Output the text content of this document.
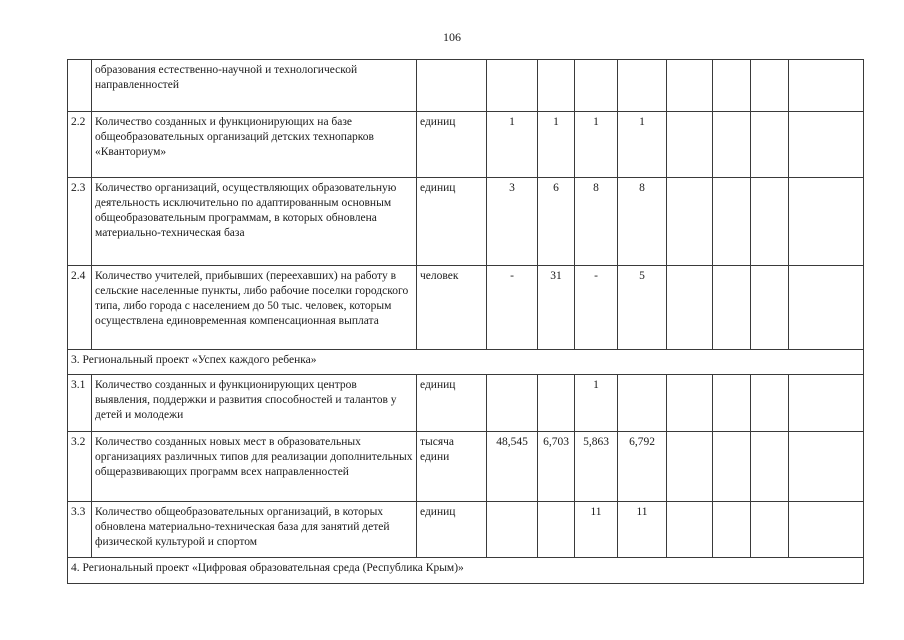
106
	образования естественно-научной и технологической направленностей									
2.2	Количество созданных и функционирующих на базе общеобразовательных организаций детских технопарков «Кванториум»	единиц	1	1	1	1				
2.3	Количество организаций, осуществляющих образовательную деятельность исключительно по адаптированным основным общеобразовательным программам, в которых обновлена материально-техническая база	единиц	3	6	8	8				
2.4	Количество учителей, прибывших (переехавших) на работу в сельские населенные пункты, либо рабочие поселки городского типа, либо города с населением до 50 тыс. человек, которым осуществлена единовременная компенсационная выплата	человек	-	31	-	5				
3. Региональный проект «Успех каждого ребенка»										
3.1	Количество созданных и функционирующих центров выявления, поддержки и развития способностей и талантов у детей и молодежи	единиц			1					
3.2	Количество созданных новых мест в образовательных организациях различных типов для реализации дополнительных общеразвивающих программ всех направленностей	тысяча едини	48,545	6,703	5,863	6,792				
3.3	Количество общеобразовательных организаций, в которых обновлена материально-техническая база для занятий детей физической культурой и спортом	единиц			11	11				
4. Региональный проект «Цифровая образовательная среда (Республика Крым)»										
